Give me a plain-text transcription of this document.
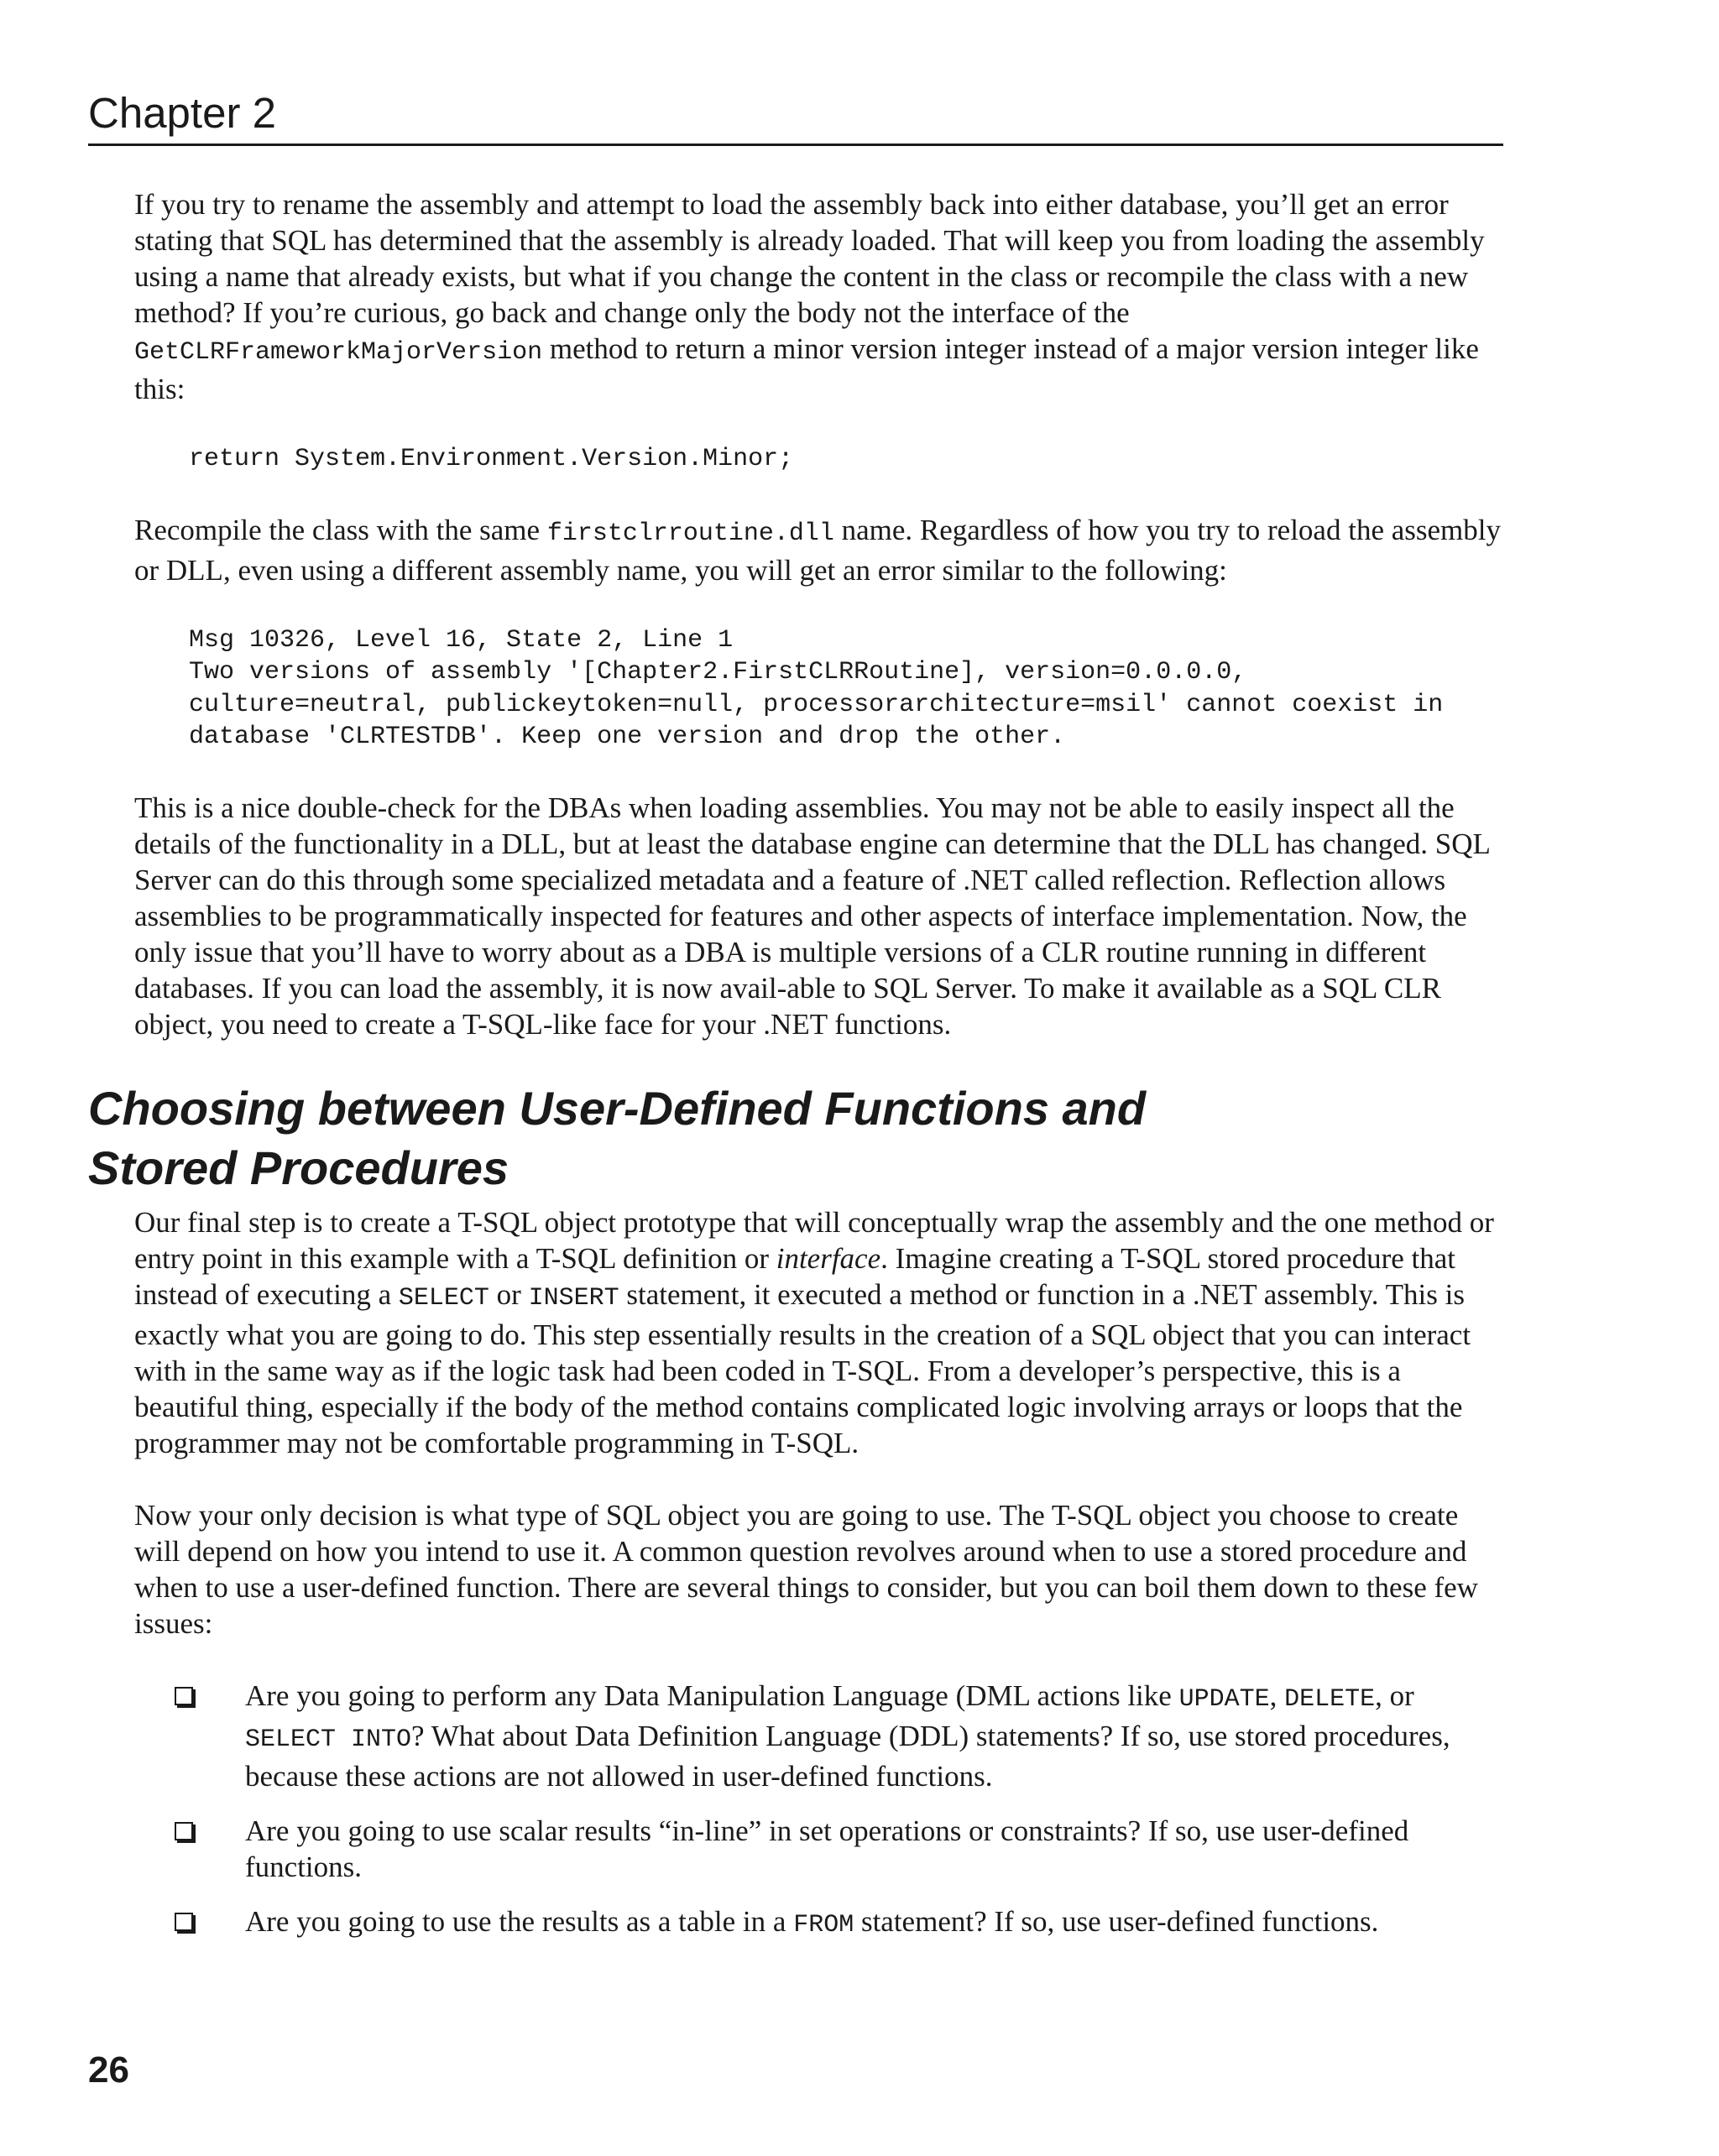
Chapter 2

If you try to rename the assembly and attempt to load the assembly back into either database, you’ll get an error stating that SQL has determined that the assembly is already loaded. That will keep you from loading the assembly using a name that already exists, but what if you change the content in the class or recompile the class with a new method? If you’re curious, go back and change only the body not the interface of the GetCLRFrameworkMajorVersion method to return a minor version integer instead of a major version integer like this:

return System.Environment.Version.Minor;

Recompile the class with the same firstclrroutine.dll name. Regardless of how you try to reload the assembly or DLL, even using a different assembly name, you will get an error similar to the following:

Msg 10326, Level 16, State 2, Line 1
Two versions of assembly '[Chapter2.FirstCLRRoutine], version=0.0.0.0,
culture=neutral, publickeytoken=null, processorarchitecture=msil' cannot coexist in
database 'CLRTESTDB'. Keep one version and drop the other.

This is a nice double-check for the DBAs when loading assemblies. You may not be able to easily inspect all the details of the functionality in a DLL, but at least the database engine can determine that the DLL has changed. SQL Server can do this through some specialized metadata and a feature of .NET called reflection. Reflection allows assemblies to be programmatically inspected for features and other aspects of interface implementation. Now, the only issue that you’ll have to worry about as a DBA is multiple versions of a CLR routine running in different databases. If you can load the assembly, it is now avail-able to SQL Server. To make it available as a SQL CLR object, you need to create a T-SQL-like face for your .NET functions.

Choosing between User-Defined Functions and
Stored Procedures

Our final step is to create a T-SQL object prototype that will conceptually wrap the assembly and the one method or entry point in this example with a T-SQL definition or interface. Imagine creating a T-SQL stored procedure that instead of executing a SELECT or INSERT statement, it executed a method or function in a .NET assembly. This is exactly what you are going to do. This step essentially results in the creation of a SQL object that you can interact with in the same way as if the logic task had been coded in T-SQL. From a developer’s perspective, this is a beautiful thing, especially if the body of the method contains complicated logic involving arrays or loops that the programmer may not be comfortable programming in T-SQL.

Now your only decision is what type of SQL object you are going to use. The T-SQL object you choose to create will depend on how you intend to use it. A common question revolves around when to use a stored procedure and when to use a user-defined function. There are several things to consider, but you can boil them down to these few issues:

Are you going to perform any Data Manipulation Language (DML actions like UPDATE, DELETE, or SELECT INTO? What about Data Definition Language (DDL) statements? If so, use stored procedures, because these actions are not allowed in user-defined functions.
Are you going to use scalar results “in-line” in set operations or constraints? If so, use user-defined functions.
Are you going to use the results as a table in a FROM statement? If so, use user-defined functions.
26
